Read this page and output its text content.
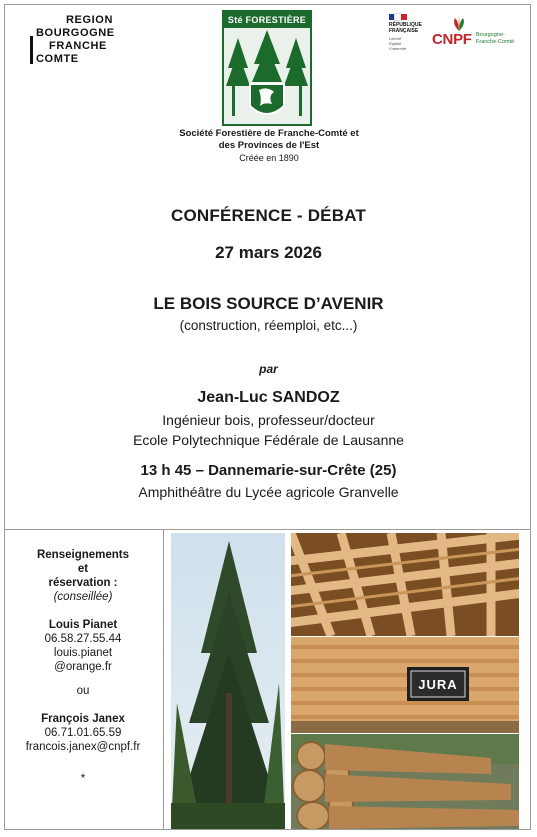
REGION
BOURGOGNE
FRANCHE
COMTE
Sté FORESTIÈRE	RÉPUBLIQUE
FRANÇAISE
Liberté
Égalité
Fraternité
CNPF Bourgogne-
Franche-Comté
Société Forestière de Franche-Comté et
des Provinces de l'Est
Créée en 1890
CONFÉRENCE - DÉBAT
27 mars 2026
LE BOIS SOURCE D’AVENIR
(construction, réemploi, etc...)
par
Jean-Luc SANDOZ
Ingénieur bois, professeur/docteur
Ecole Polytechnique Fédérale de Lausanne
13 h 45 – Dannemarie-sur-Crête (25)
Amphithéâtre du Lycée agricole Granvelle
Renseignements
et
réservation :
(conseillée)
Louis Pianet
06.58.27.55.44
louis.pianet
@orange.fr
ou
François Janex
06.71.01.65.59
francois.janex@cnpf.fr
*
JURA
